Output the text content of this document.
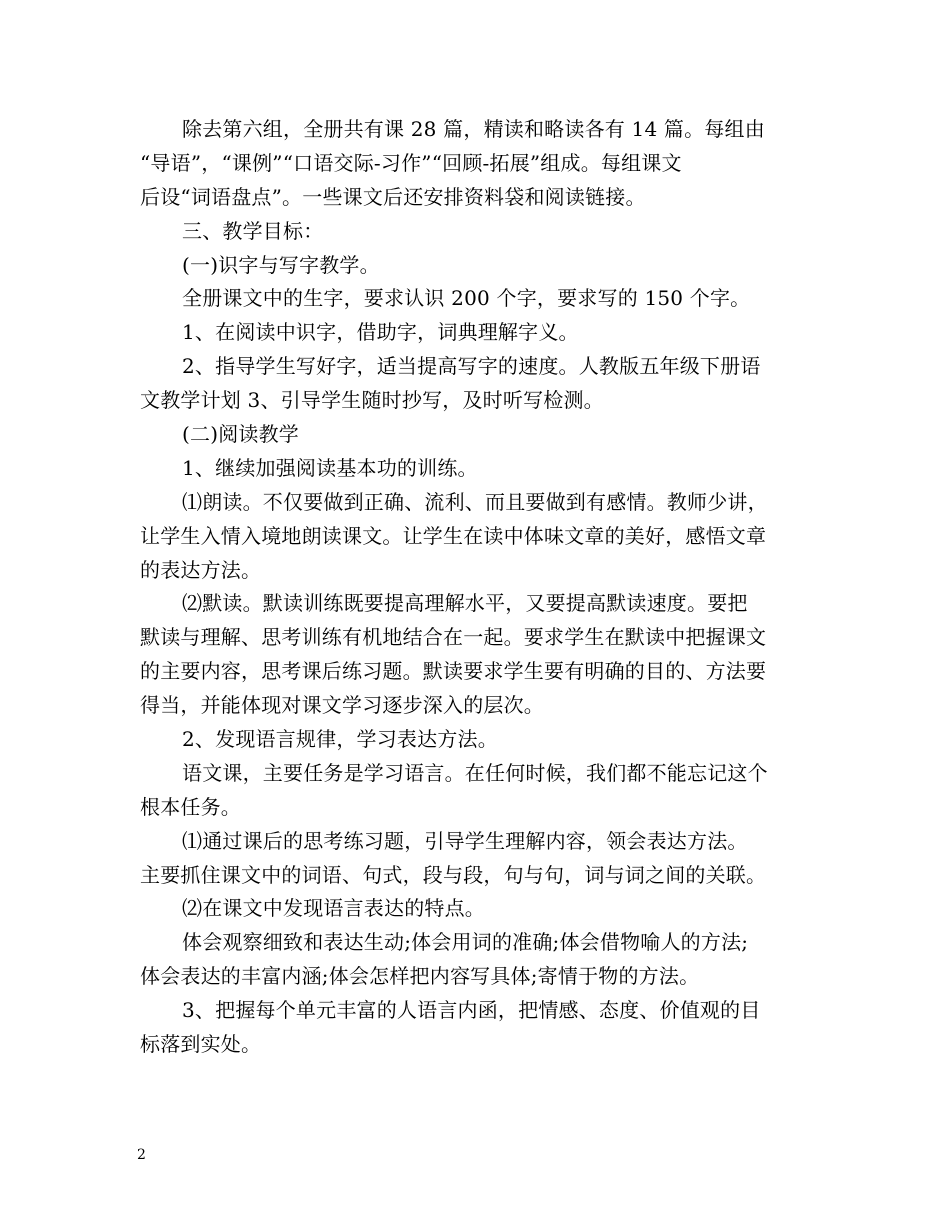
除去第六组，全册共有课 28 篇，精读和略读各有 14 篇。每组由
“导语”，“课例”“口语交际-习作”“回顾-拓展”组成。每组课文
后设“词语盘点”。一些课文后还安排资料袋和阅读链接。
三、教学目标：
(一)识字与写字教学。
全册课文中的生字，要求认识 200 个字，要求写的 150 个字。
1、在阅读中识字，借助字，词典理解字义。
2、指导学生写好字，适当提高写字的速度。人教版五年级下册语
文教学计划 3、引导学生随时抄写，及时听写检测。
(二)阅读教学
1、继续加强阅读基本功的训练。
⑴朗读。不仅要做到正确、流利、而且要做到有感情。教师少讲，
让学生入情入境地朗读课文。让学生在读中体味文章的美好，感悟文章
的表达方法。
⑵默读。默读训练既要提高理解水平，又要提高默读速度。要把
默读与理解、思考训练有机地结合在一起。要求学生在默读中把握课文
的主要内容，思考课后练习题。默读要求学生要有明确的目的、方法要
得当，并能体现对课文学习逐步深入的层次。
2、发现语言规律，学习表达方法。
语文课，主要任务是学习语言。在任何时候，我们都不能忘记这个
根本任务。
⑴通过课后的思考练习题，引导学生理解内容，领会表达方法。
主要抓住课文中的词语、句式，段与段，句与句，词与词之间的关联。
⑵在课文中发现语言表达的特点。
体会观察细致和表达生动;体会用词的准确;体会借物喻人的方法;
体会表达的丰富内涵;体会怎样把内容写具体;寄情于物的方法。
3、把握每个单元丰富的人语言内函，把情感、态度、价值观的目
标落到实处。
2
